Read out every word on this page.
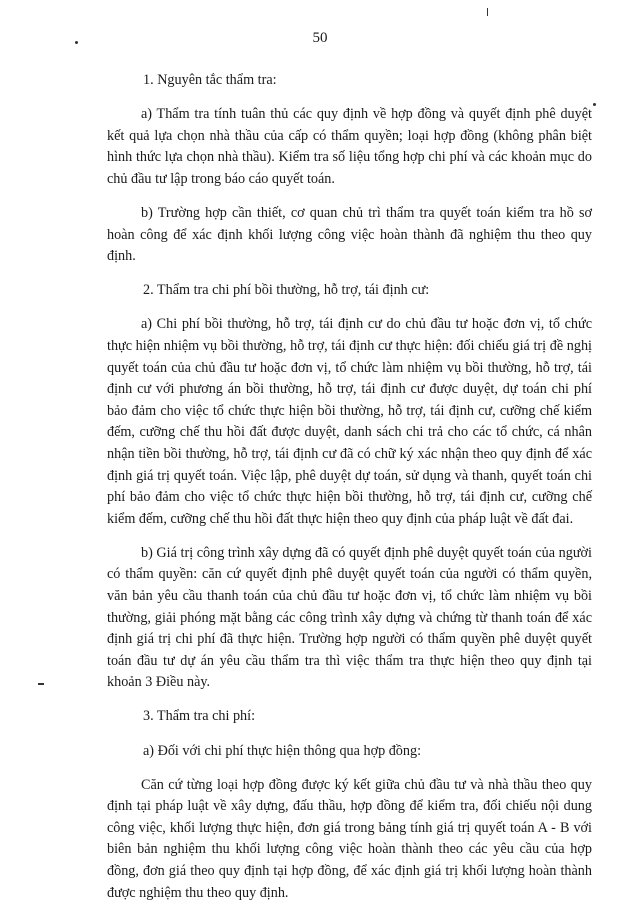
50

1. Nguyên tắc thẩm tra:

a) Thẩm tra tính tuân thủ các quy định về hợp đồng và quyết định phê duyệt kết quả lựa chọn nhà thầu của cấp có thẩm quyền; loại hợp đồng (không phân biệt hình thức lựa chọn nhà thầu). Kiểm tra số liệu tổng hợp chi phí và các khoản mục do chủ đầu tư lập trong báo cáo quyết toán.

b) Trường hợp cần thiết, cơ quan chủ trì thẩm tra quyết toán kiểm tra hồ sơ hoàn công để xác định khối lượng công việc hoàn thành đã nghiệm thu theo quy định.

2. Thẩm tra chi phí bồi thường, hỗ trợ, tái định cư:

a) Chi phí bồi thường, hỗ trợ, tái định cư do chủ đầu tư hoặc đơn vị, tổ chức thực hiện nhiệm vụ bồi thường, hỗ trợ, tái định cư thực hiện: đối chiếu giá trị đề nghị quyết toán của chủ đầu tư hoặc đơn vị, tổ chức làm nhiệm vụ bồi thường, hỗ trợ, tái định cư với phương án bồi thường, hỗ trợ, tái định cư được duyệt, dự toán chi phí bảo đảm cho việc tổ chức thực hiện bồi thường, hỗ trợ, tái định cư, cưỡng chế kiểm đếm, cưỡng chế thu hồi đất được duyệt, danh sách chi trả cho các tổ chức, cá nhân nhận tiền bồi thường, hỗ trợ, tái định cư đã có chữ ký xác nhận theo quy định để xác định giá trị quyết toán. Việc lập, phê duyệt dự toán, sử dụng và thanh, quyết toán chi phí bảo đảm cho việc tổ chức thực hiện bồi thường, hỗ trợ, tái định cư, cưỡng chế kiểm đếm, cưỡng chế thu hồi đất thực hiện theo quy định của pháp luật về đất đai.

b) Giá trị công trình xây dựng đã có quyết định phê duyệt quyết toán của người có thẩm quyền: căn cứ quyết định phê duyệt quyết toán của người có thẩm quyền, văn bản yêu cầu thanh toán của chủ đầu tư hoặc đơn vị, tổ chức làm nhiệm vụ bồi thường, giải phóng mặt bằng các công trình xây dựng và chứng từ thanh toán để xác định giá trị chi phí đã thực hiện. Trường hợp người có thẩm quyền phê duyệt quyết toán đầu tư dự án yêu cầu thẩm tra thì việc thẩm tra thực hiện theo quy định tại khoản 3 Điều này.

3. Thẩm tra chi phí:

a) Đối với chi phí thực hiện thông qua hợp đồng:

Căn cứ từng loại hợp đồng được ký kết giữa chủ đầu tư và nhà thầu theo quy định tại pháp luật về xây dựng, đấu thầu, hợp đồng để kiểm tra, đối chiếu nội dung công việc, khối lượng thực hiện, đơn giá trong bảng tính giá trị quyết toán A - B với biên bản nghiệm thu khối lượng công việc hoàn thành theo các yêu cầu của hợp đồng, đơn giá theo quy định tại hợp đồng, để xác định giá trị khối lượng hoàn thành được nghiệm thu theo quy định.
